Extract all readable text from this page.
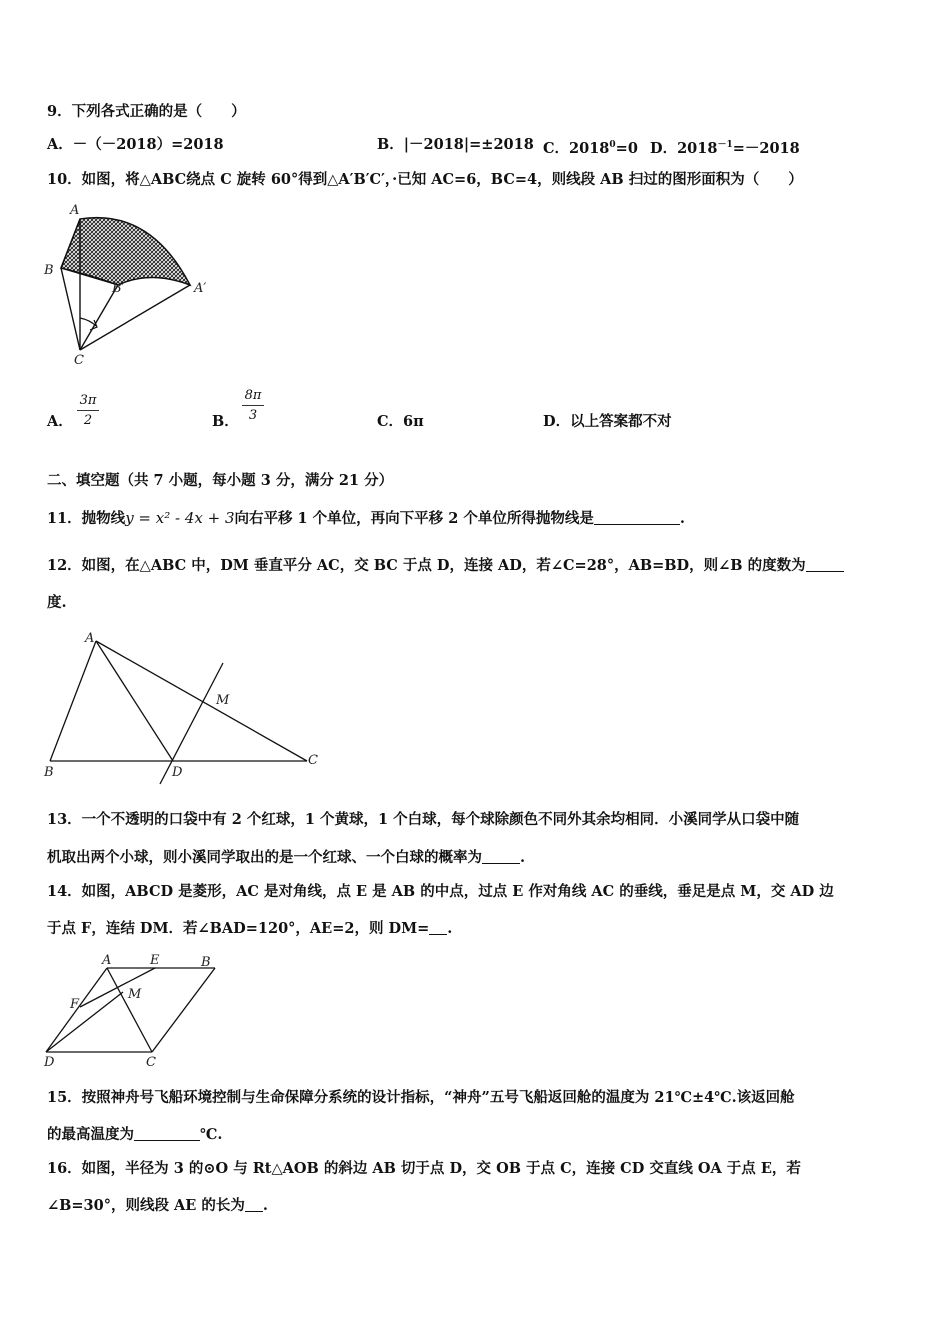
9．下列各式正确的是（　　）
A．－（－2018）=2018	B．|－2018|=±2018 C．$2018^0=0$ D．$2018^{-1}=-2018$
10．如图，将△ABC绕点 C 旋转 60°得到△A′B′C′，·已知 AC=6，BC=4，则线段 AB 扫过的图形面积为（　　）
A
B
B′	A′
C
A．
3π
2	B．
8π
3	C．6π	D．以上答案都不对
二、填空题（共 7 小题，每小题 3 分，满分 21 分）
11．抛物线y = x² - 4x + 3向右平移 1 个单位，再向下平移 2 个单位所得抛物线是	.
12．如图，在△ABC 中，DM 垂直平分 AC，交 BC 于点 D，连接 AD，若∠C=28°，AB=BD，则∠B 的度数为
度.
A
B
C
D
M
13．一个不透明的口袋中有 2 个红球，1 个黄球，1 个白球，每个球除颜色不同外其余均相同．小溪同学从口袋中随
机取出两个小球，则小溪同学取出的是一个红球、一个白球的概率为	.
14．如图，ABCD 是菱形，AC 是对角线，点 E 是 AB 的中点，过点 E 作对角线 AC 的垂线，垂足是点 M，交 AD 边
于点 F，连结 DM．若∠BAD=120°，AE=2，则 DM= .
A	E	B
F
M
D	C
15．按照神舟号飞船环境控制与生命保障分系统的设计指标，“神舟”五号飞船返回舱的温度为 21℃±4℃.该返回舱
的最高温度为	℃.
16．如图，半径为 3 的⊙O 与 Rt△AOB 的斜边 AB 切于点 D，交 OB 于点 C，连接 CD 交直线 OA 于点 E，若
∠B=30°，则线段 AE 的长为 .
